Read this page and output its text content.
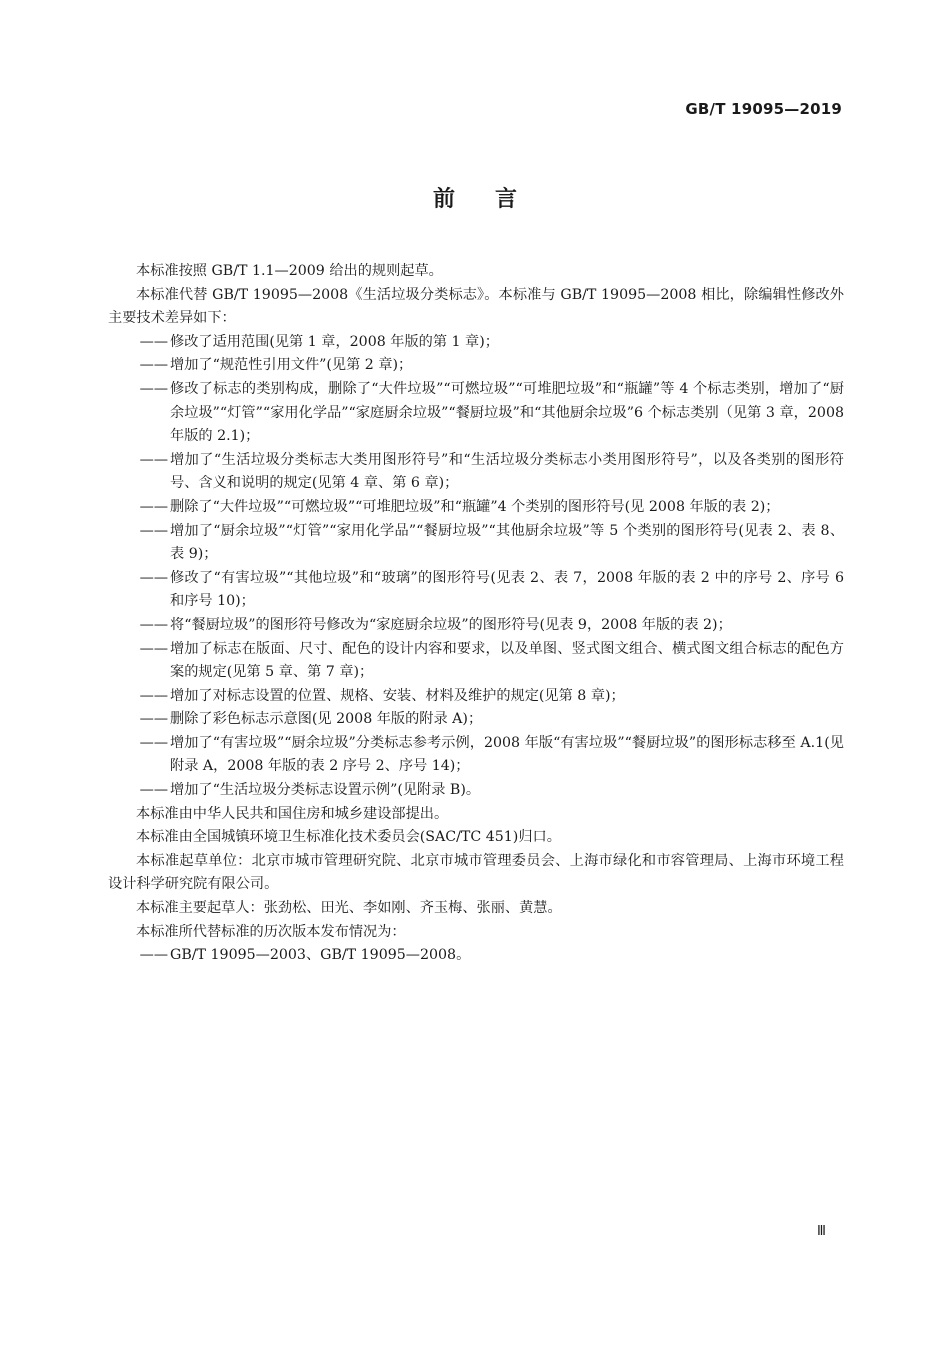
GB/T 19095—2019
前 言

本标准按照 GB/T 1.1—2009 给出的规则起草。

本标准代替 GB/T 19095—2008《生活垃圾分类标志》。本标准与 GB/T 19095—2008 相比，除编辑性修改外主要技术差异如下：

—— 修改了适用范围(见第 1 章，2008 年版的第 1 章)；
—— 增加了“规范性引用文件”(见第 2 章)；
—— 修改了标志的类别构成，删除了“大件垃圾”“可燃垃圾”“可堆肥垃圾”和“瓶罐”等 4 个标志类别，增加了“厨余垃圾”“灯管”“家用化学品”“家庭厨余垃圾”“餐厨垃圾”和“其他厨余垃圾”6 个标志类别（见第 3 章，2008 年版的 2.1)；
—— 增加了“生活垃圾分类标志大类用图形符号”和“生活垃圾分类标志小类用图形符号”，以及各类别的图形符号、含义和说明的规定(见第 4 章、第 6 章)；
—— 删除了“大件垃圾”“可燃垃圾”“可堆肥垃圾”和“瓶罐”4 个类别的图形符号(见 2008 年版的表 2)；
—— 增加了“厨余垃圾”“灯管”“家用化学品”“餐厨垃圾”“其他厨余垃圾”等 5 个类别的图形符号(见表 2、表 8、表 9)；
—— 修改了“有害垃圾”“其他垃圾”和“玻璃”的图形符号(见表 2、表 7，2008 年版的表 2 中的序号 2、序号 6 和序号 10)；
—— 将“餐厨垃圾”的图形符号修改为“家庭厨余垃圾”的图形符号(见表 9，2008 年版的表 2)；
—— 增加了标志在版面、尺寸、配色的设计内容和要求，以及单图、竖式图文组合、横式图文组合标志的配色方案的规定(见第 5 章、第 7 章)；
—— 增加了对标志设置的位置、规格、安装、材料及维护的规定(见第 8 章)；
—— 删除了彩色标志示意图(见 2008 年版的附录 A)；
—— 增加了“有害垃圾”“厨余垃圾”分类标志参考示例，2008 年版“有害垃圾”“餐厨垃圾”的图形标志移至 A.1(见附录 A，2008 年版的表 2 序号 2、序号 14)；
—— 增加了“生活垃圾分类标志设置示例”(见附录 B)。

本标准由中华人民共和国住房和城乡建设部提出。

本标准由全国城镇环境卫生标准化技术委员会(SAC/TC 451)归口。

本标准起草单位：北京市城市管理研究院、北京市城市管理委员会、上海市绿化和市容管理局、上海市环境工程设计科学研究院有限公司。

本标准主要起草人：张劲松、田光、李如刚、齐玉梅、张丽、黄慧。

本标准所代替标准的历次版本发布情况为：

—— GB/T 19095—2003、GB/T 19095—2008。
Ⅲ
